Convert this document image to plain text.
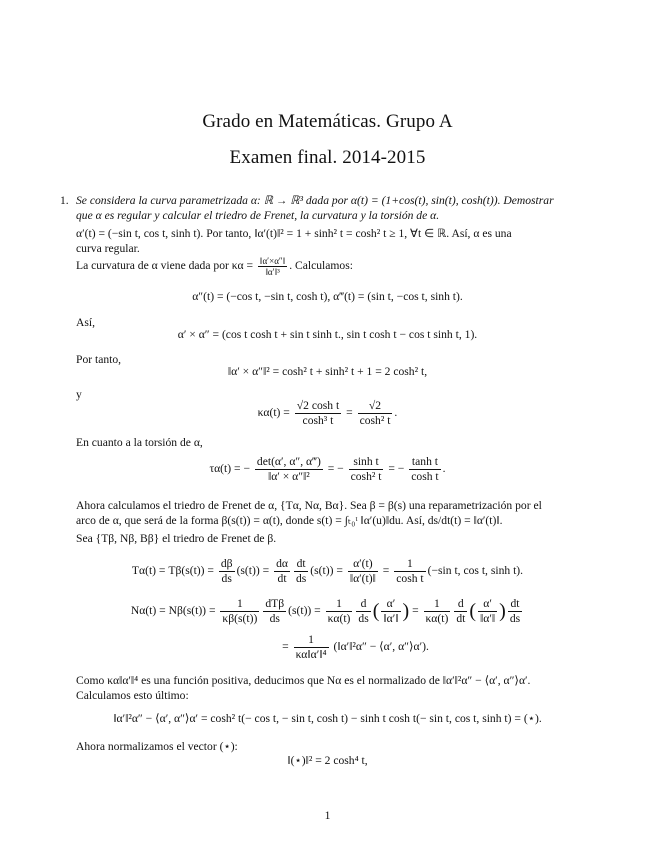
Grado en Matemáticas. Grupo A
Examen final. 2014-2015
1. Se considera la curva parametrizada α: ℝ → ℝ³ dada por α(t) = (1+cos(t), sin(t), cosh(t)). Demostrar
que α es regular y calcular el triedro de Frenet, la curvatura y la torsión de α.
α′(t) = (−sin t, cos t, sinh t). Por tanto, ‖α′(t)‖² = 1 + sinh² t = cosh² t ≥ 1, ∀t ∈ ℝ. Así, α es una
curva regular.
La curvatura de α viene dada por $\kappa\alpha = \frac{‖\alpha'\times\alpha''‖}{\text{‖α′‖³}}$ . Calculamos:
α″(t) = (−cos t, −sin t, cosh t), α‴(t) = (sin t, −cos t, sinh t).
Así,
α′ × α″ = (cos t cosh t + sin t sinh t., sin t cosh t − cos t sinh t, 1).
Por tanto,
‖α′ × α″‖² = cosh² t + sinh² t + 1 = 2 cosh² t,
y
$\kappa\alpha(t) = \frac{\text{√2 cosh t}}{\text{cosh³ t}} = \frac{√2}{\text{cosh² t}}$ .
En cuanto a la torsión de α,
τα(t) = − $\frac{\det(\alpha', \alpha'', \alpha‴)}{\text{‖α′ × α″‖²}}$ = − $\frac{\text{sinh t}}{\text{cosh² t}}$ = − $\frac{\text{tanh t}}{\text{cosh t}}$ .
Ahora calculamos el triedro de Frenet de α, {Tα, Nα, Bα}. Sea β = β(s) una reparametrización por el
arco de α, que será de la forma β(s(t)) = α(t), donde s(t) = ∫ₜ₀ᵗ ‖α′(u)‖du. Así, ds/dt(t) = ‖α′(t)‖.
Sea {Tβ, Nβ, Bβ} el triedro de Frenet de β.
$T\alpha(t) = T\beta(s(t)) = \frac{d\beta}{ds} (s(t)) = \frac{d\alpha}{dt} \frac{dt}{ds} (s(t)) = \frac{\alpha'(t)}{‖\alpha'(t)‖} = \frac{1}{\text{cosh t}} (-\sin$ t, cos t, sinh t).
$N\alpha(t) = N\beta(s(t)) = \frac{1}{\kappa\beta(s(t))} \frac{\text{dTβ}}{ds} (s(t)) = \frac{1}{\kappa\alpha(t)} \frac{d}{ds}$ ( $\frac{\alpha'}{‖\alpha'‖}$ ) = $\frac{1}{\kappa\alpha(t)} \frac{d}{dt}$ ( $\frac{\alpha'}{‖\alpha'‖}$ ) $\frac{dt}{ds}$
= $\frac{1}{\text{κα‖α′‖⁴}}$ (‖α′‖²α″ − ⟨α′, α″⟩α′).
Como κα‖α′‖⁴ es una función positiva, deducimos que Nα es el normalizado de ‖α′‖²α″ − ⟨α′, α″⟩α′.
Calculamos esto último:
‖α′‖²α″ − ⟨α′, α″⟩α′ = cosh² t(− cos t, − sin t, cosh t) − sinh t cosh t(− sin t, cos t, sinh t) = (⋆).
Ahora normalizamos el vector (⋆):
‖(⋆)‖² = 2 cosh⁴ t,
1
